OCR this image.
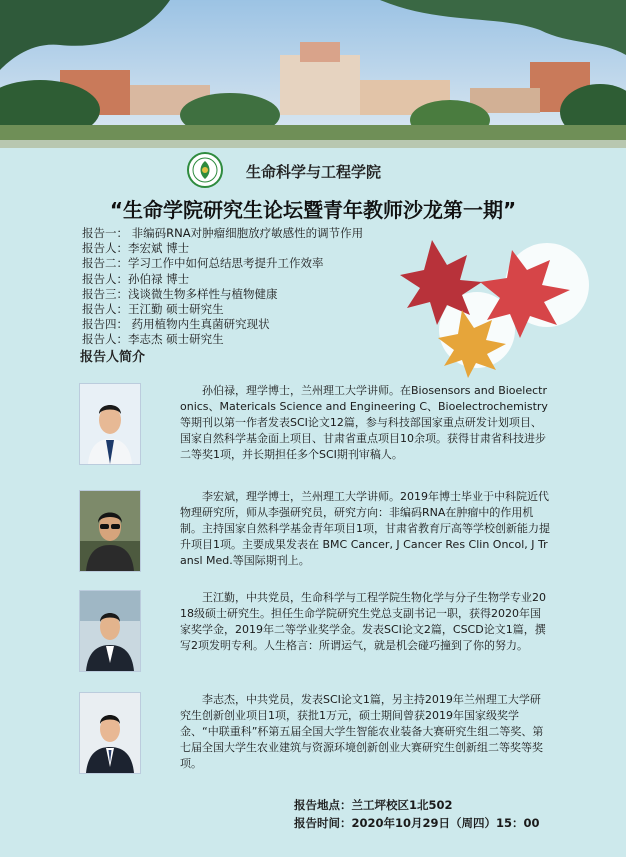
生命科学与工程学院
“生命学院研究生论坛暨青年教师沙龙第一期”
报告一： 非编码RNA对肿瘤细胞放疗敏感性的调节作用
报告人：李宏斌 博士
报告二：学习工作中如何总结思考提升工作效率
报告人：孙伯禄 博士
报告三：浅谈微生物多样性与植物健康
报告人：王江勤 硕士研究生
报告四： 药用植物内生真菌研究现状
报告人：李志杰 硕士研究生
报告人简介
孙伯禄，理学博士，兰州理工大学讲师。在Biosensors and Bioelectronics、Matericals Science and Engineering C、Bioelectrochemistry等期刊以第一作者发表SCI论文12篇，参与科技部国家重点研发计划项目、国家自然科学基金面上项目、甘肃省重点项目10余项。获得甘肃省科技进步二等奖1项，并长期担任多个SCI期刊审稿人。
李宏斌，理学博士，兰州理工大学讲师。2019年博士毕业于中科院近代物理研究所，师从李强研究员，研究方向：非编码RNA在肿瘤中的作用机制。主持国家自然科学基金青年项目1项，甘肃省教育厅高等学校创新能力提升项目1项。主要成果发表在 BMC Cancer, J Cancer Res Clin Oncol, J Transl Med.等国际期刊上。
王江勤，中共党员，生命科学与工程学院生物化学与分子生物学专业2018级硕士研究生。担任生命学院研究生党总支副书记一职，获得2020年国家奖学金，2019年二等学业奖学金。发表SCI论文2篇，CSCD论文1篇，撰写2项发明专利。人生格言：所谓运气，就是机会碰巧撞到了你的努力。
李志杰，中共党员，发表SCI论文1篇，另主持2019年兰州理工大学研究生创新创业项目1项，获批1万元，硕士期间曾获2019年国家级奖学金、“中联重科”杯第五届全国大学生智能农业装备大赛研究生组二等奖、第七届全国大学生农业建筑与资源环境创新创业大赛研究生创新组二等奖等奖项。
报告地点：兰工坪校区1北502
报告时间：2020年10月29日（周四）15：00
